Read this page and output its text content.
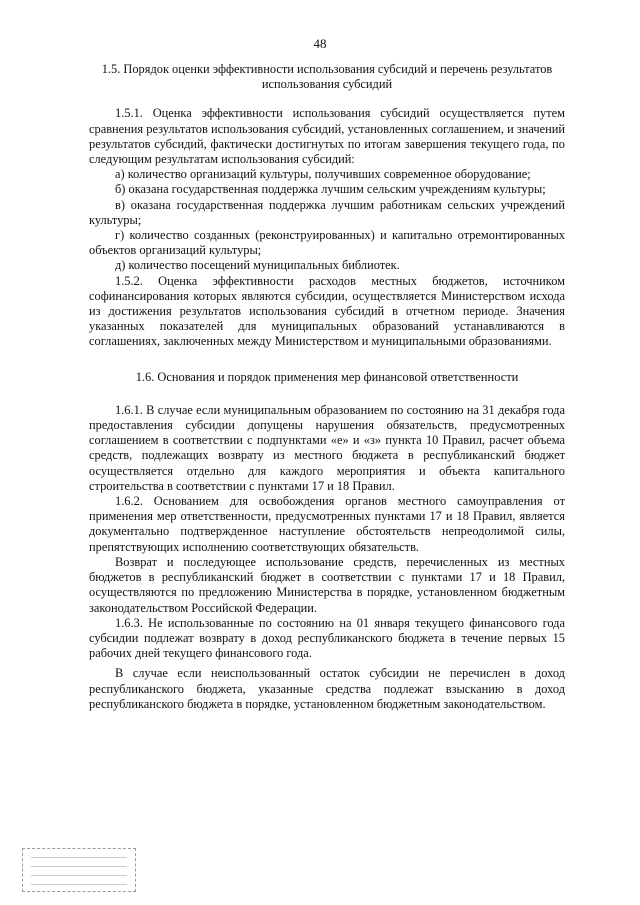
48

1.5. Порядок оценки эффективности использования субсидий и перечень результатов использования субсидий

1.5.1. Оценка эффективности использования субсидий осуществляется путем сравнения результатов использования субсидий, установленных соглашением, и значений результатов субсидий, фактически достигнутых по итогам завершения текущего года, по следующим результатам использования субсидий:

а) количество организаций культуры, получивших современное оборудование;

б) оказана государственная поддержка лучшим сельским учреждениям культуры;

в) оказана государственная поддержка лучшим работникам сельских учреждений культуры;

г) количество созданных (реконструированных) и капитально отремонтированных объектов организаций культуры;

д) количество посещений муниципальных библиотек.

1.5.2. Оценка эффективности расходов местных бюджетов, источником софинансирования которых являются субсидии, осуществляется Министерством исхода из достижения результатов использования субсидий в отчетном периоде. Значения указанных показателей для муниципальных образований устанавливаются в соглашениях, заключенных между Министерством и муниципальными образованиями.

1.6. Основания и порядок применения мер финансовой ответственности

1.6.1. В случае если муниципальным образованием по состоянию на 31 декабря года предоставления субсидии допущены нарушения обязательств, предусмотренных соглашением в соответствии с подпунктами «е» и «з» пункта 10 Правил, расчет объема средств, подлежащих возврату из местного бюджета в республиканский бюджет осуществляется отдельно для каждого мероприятия и объекта капитального строительства в соответствии с пунктами 17 и 18 Правил.

1.6.2. Основанием для освобождения органов местного самоуправления от применения мер ответственности, предусмотренных пунктами 17 и 18 Правил, является документально подтвержденное наступление обстоятельств непреодолимой силы, препятствующих исполнению соответствующих обязательств.

Возврат и последующее использование средств, перечисленных из местных бюджетов в республиканский бюджет в соответствии с пунктами 17 и 18 Правил, осуществляются по предложению Министерства в порядке, установленном бюджетным законодательством Российской Федерации.

1.6.3. Не использованные по состоянию на 01 января текущего финансового года субсидии подлежат возврату в доход республиканского бюджета в течение первых 15 рабочих дней текущего финансового года.

В случае если неиспользованный остаток субсидии не перечислен в доход республиканского бюджета, указанные средства подлежат взысканию в доход республиканского бюджета в порядке, установленном бюджетным законодательством.
